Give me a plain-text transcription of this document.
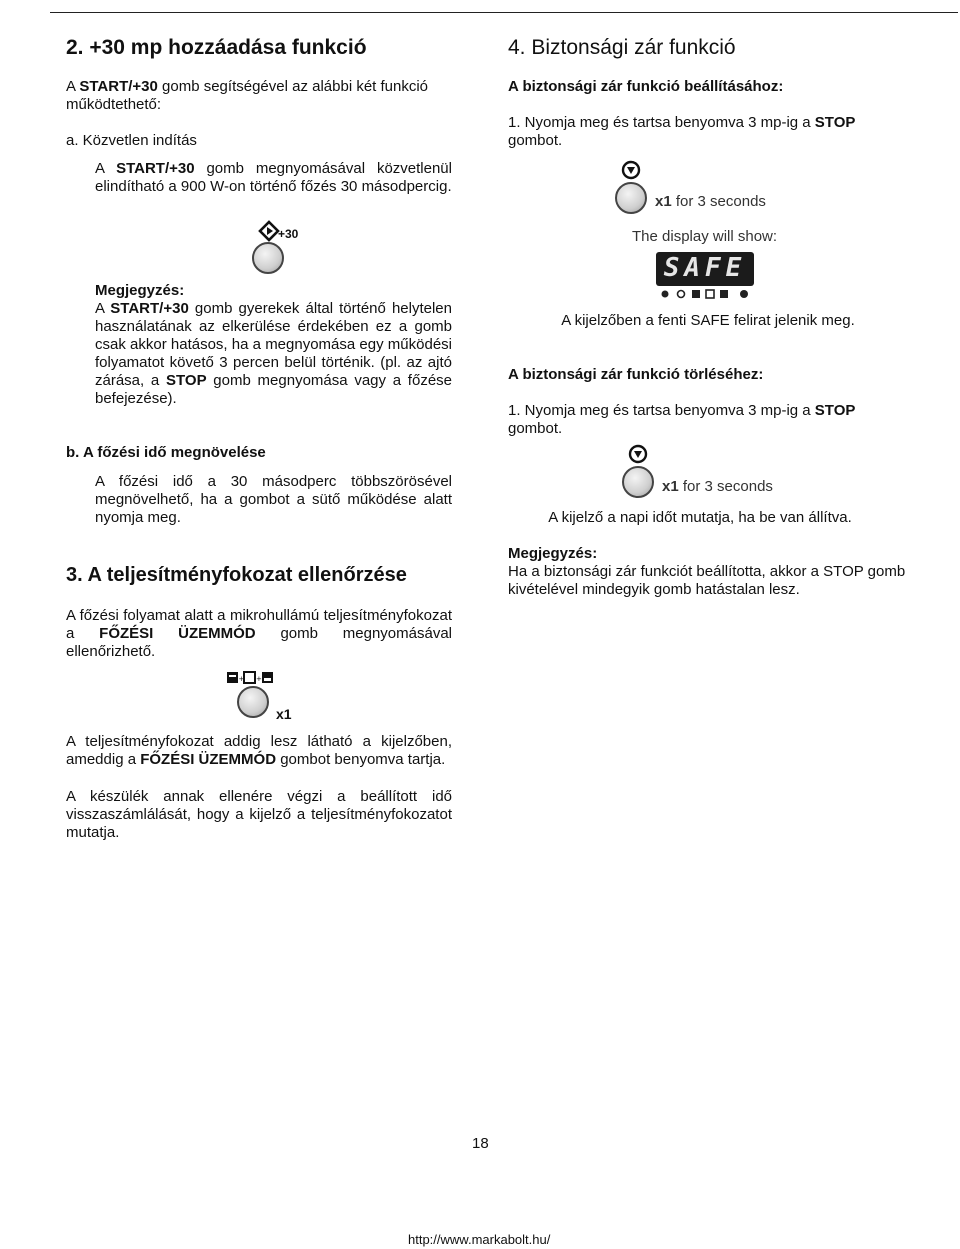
2. +30 mp hozzáadása funkció
A START/+30 gomb segítségével az alábbi két funkció működtethető:
a. Közvetlen indítás
A START/+30 gomb megnyomásával közvetlenül elindítható a 900 W-on történő főzés 30 másodpercig.
+30
Megjegyzés:
A START/+30 gomb gyerekek által történő helytelen használatának az elkerülése érdekében ez a gomb csak akkor hatásos, ha a megnyomása egy működési folyamatot követő 3 percen belül történik. (pl. az ajtó zárása, a STOP gomb megnyomása vagy a főzése befejezése).
b. A főzési idő megnövelése
A főzési idő a 30 másodperc többszörösével megnövelhető, ha a gombot a sütő működése alatt nyomja meg.
3. A teljesítményfokozat ellenőrzése
A főzési folyamat alatt a mikrohullámú teljesítményfokozat a FŐZÉSI ÜZEMMÓD gomb megnyomásával ellenőrizhető.
+ +
x1
A teljesítményfokozat addig lesz látható a kijelzőben, ameddig a FŐZÉSI ÜZEMMÓD gombot benyomva tartja.
A készülék annak ellenére végzi a beállított idő visszaszámlálását, hogy a kijelző a teljesítményfokozatot mutatja.
4. Biztonsági zár funkció
A biztonsági zár funkció beállításához:
1. Nyomja meg és tartsa benyomva 3 mp-ig a STOP gombot.
x1 for 3 seconds
The display will show:
SAFE
A kijelzőben a fenti SAFE felirat jelenik meg.
A biztonsági zár funkció törléséhez:
1. Nyomja meg és tartsa benyomva 3 mp-ig a STOP gombot.
x1 for 3 seconds
A kijelző a napi időt mutatja, ha be van állítva.
Megjegyzés:
Ha a biztonsági zár funkciót beállította, akkor a STOP gomb kivételével mindegyik gomb hatástalan lesz.
18
http://www.markabolt.hu/
